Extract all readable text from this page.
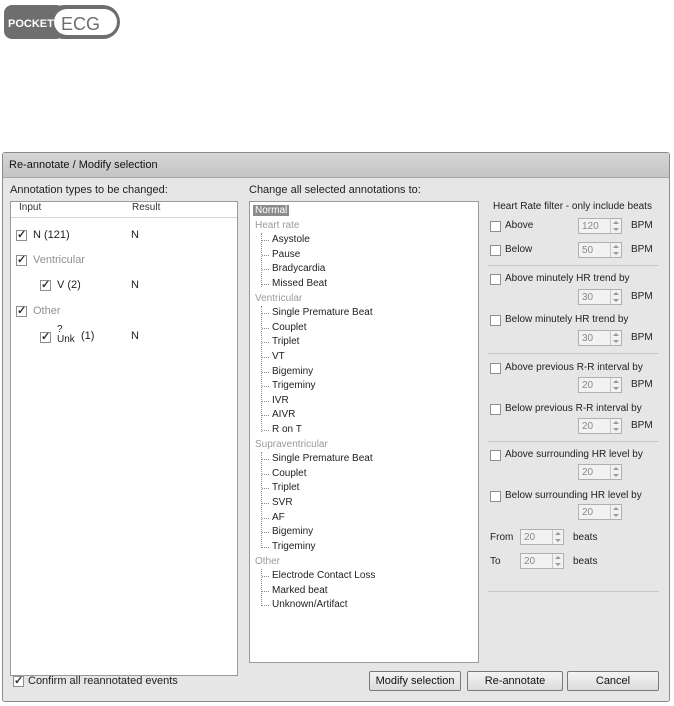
POCKET ECG
Re-annotate / Modify selection
Annotation types to be changed:
Input	Result
✓
N (121)	N
✓
Ventricular
✓
V (2)	N
✓
Other
✓
?
Unk (1)	N
Change all selected annotations to:
Normal
Heart rate
Asystole
Pause
Bradycardia
Missed Beat
Ventricular
Single Premature Beat
Couplet
Triplet
VT
Bigeminy
Trigeminy
IVR
AIVR
R on T
Supraventricular
Single Premature Beat
Couplet
Triplet
SVR
AF
Bigeminy
Trigeminy
Other
Electrode Contact Loss
Marked beat
Unknown/Artifact
Heart Rate filter - only include beats
Above	120	BPM
Below	50	BPM
Above minutely HR trend by
30	BPM
Below minutely HR trend by
30	BPM
Above previous R-R interval by
20	BPM
Below previous R-R interval by
20	BPM
Above surrounding HR level by
20
Below surrounding HR level by
20
From 20	beats
To 20	beats
✓
Confirm all reannotated events	Modify selection	Re-annotate	Cancel
